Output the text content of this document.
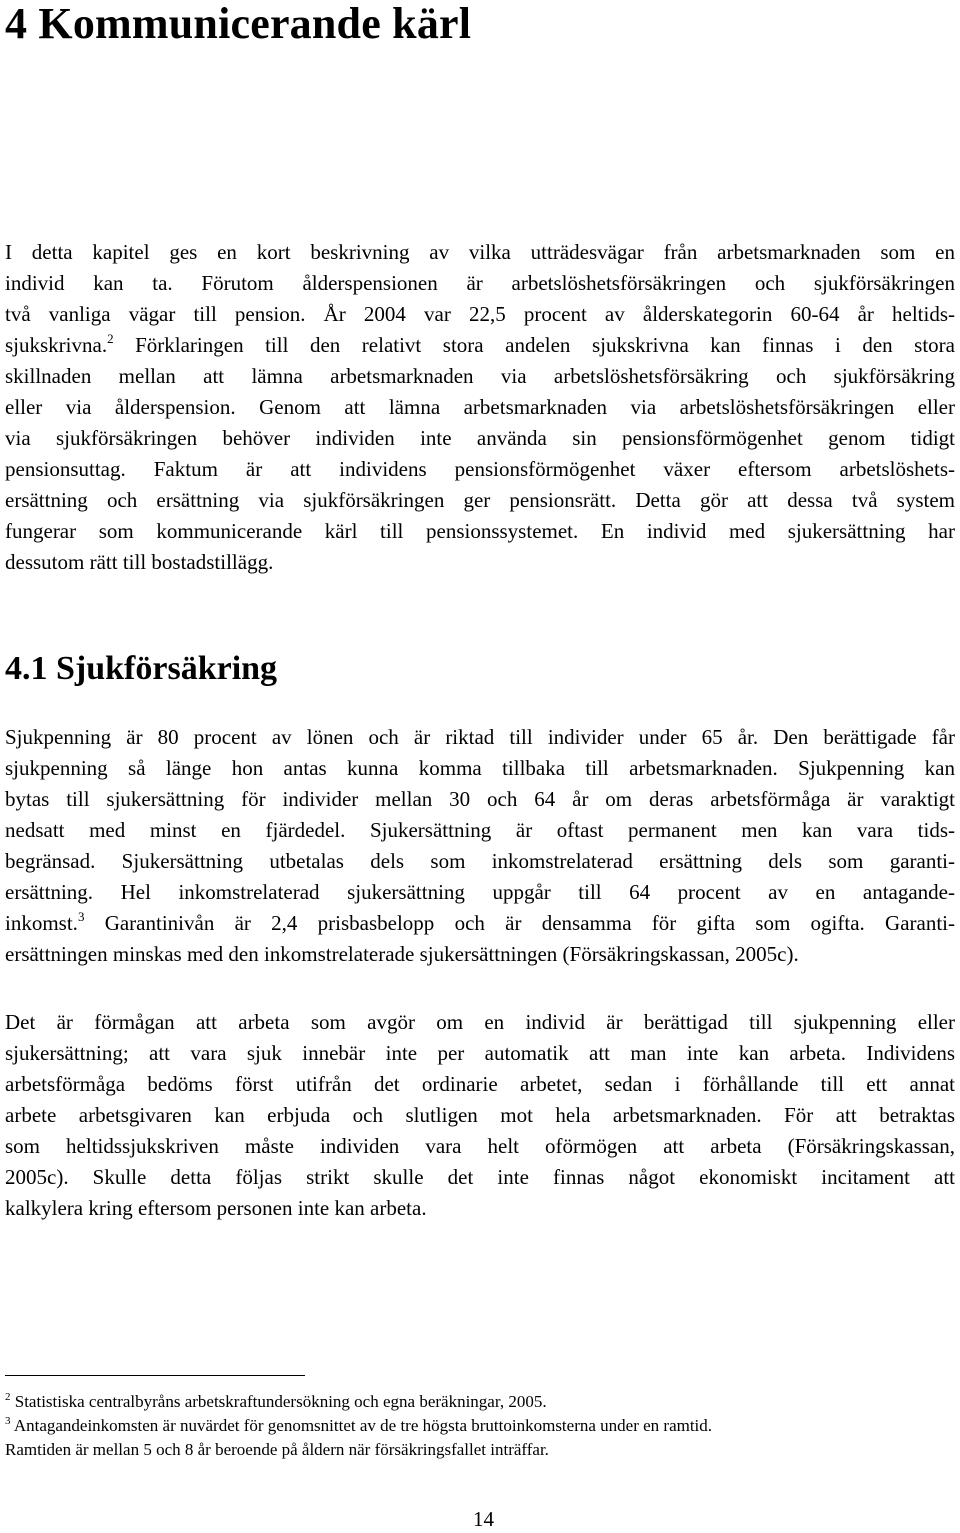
4 Kommunicerande kärl

I detta kapitel ges en kort beskrivning av vilka utträdesvägar från arbetsmarknaden som en
individ kan ta. Förutom ålderspensionen är arbetslöshetsförsäkringen och sjukförsäkringen
två vanliga vägar till pension. År 2004 var 22,5 procent av ålderskategorin 60-64 år heltids-
sjukskrivna.$^2$ Förklaringen till den relativt stora andelen sjukskrivna kan finnas i den stora
skillnaden mellan att lämna arbetsmarknaden via arbetslöshetsförsäkring och sjukförsäkring
eller via ålderspension. Genom att lämna arbetsmarknaden via arbetslöshetsförsäkringen eller
via sjukförsäkringen behöver individen inte använda sin pensionsförmögenhet genom tidigt
pensionsuttag. Faktum är att individens pensionsförmögenhet växer eftersom arbetslöshets-
ersättning och ersättning via sjukförsäkringen ger pensionsrätt. Detta gör att dessa två system
fungerar som kommunicerande kärl till pensionssystemet. En individ med sjukersättning har
dessutom rätt till bostadstillägg.

4.1 Sjukförsäkring

Sjukpenning är 80 procent av lönen och är riktad till individer under 65 år. Den berättigade får
sjukpenning så länge hon antas kunna komma tillbaka till arbetsmarknaden. Sjukpenning kan
bytas till sjukersättning för individer mellan 30 och 64 år om deras arbetsförmåga är varaktigt
nedsatt med minst en fjärdedel. Sjukersättning är oftast permanent men kan vara tids-
begränsad. Sjukersättning utbetalas dels som inkomstrelaterad ersättning dels som garanti-
ersättning. Hel inkomstrelaterad sjukersättning uppgår till 64 procent av en antagande-
inkomst.$^3$ Garantinivån är 2,4 prisbasbelopp och är densamma för gifta som ogifta. Garanti-
ersättningen minskas med den inkomstrelaterade sjukersättningen (Försäkringskassan, 2005c).

Det är förmågan att arbeta som avgör om en individ är berättigad till sjukpenning eller
sjukersättning; att vara sjuk innebär inte per automatik att man inte kan arbeta. Individens
arbetsförmåga bedöms först utifrån det ordinarie arbetet, sedan i förhållande till ett annat
arbete arbetsgivaren kan erbjuda och slutligen mot hela arbetsmarknaden. För att betraktas
som heltidssjukskriven måste individen vara helt oförmögen att arbeta (Försäkringskassan,
2005c). Skulle detta följas strikt skulle det inte finnas något ekonomiskt incitament att
kalkylera kring eftersom personen inte kan arbeta.

$^2$ Statistiska centralbyråns arbetskraftundersökning och egna beräkningar, 2005.
$^3$ Antagandeinkomsten är nuvärdet för genomsnittet av de tre högsta bruttoinkomsterna under en ramtid.
Ramtiden är mellan 5 och 8 år beroende på åldern när försäkringsfallet inträffar.
14
